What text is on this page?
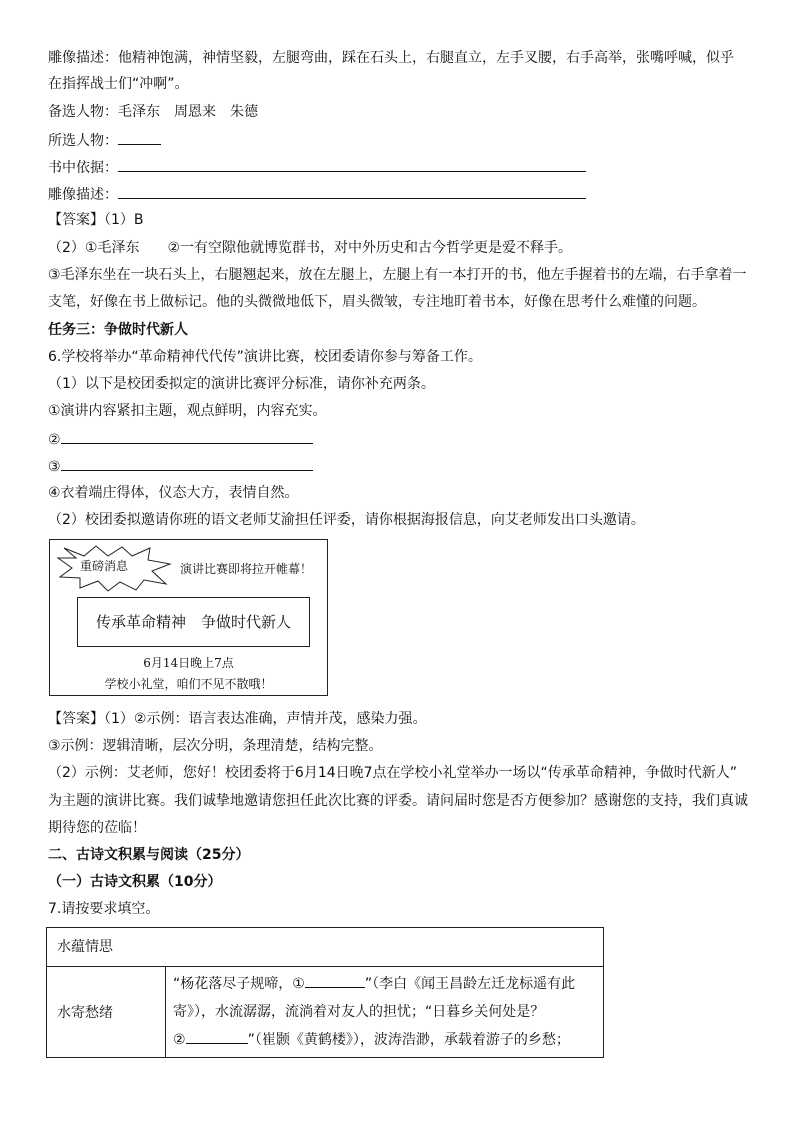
雕像描述：他精神饱满，神情坚毅，左腿弯曲，踩在石头上，右腿直立，左手叉腰，右手高举，张嘴呼喊，似乎
在指挥战士们“冲啊”。
备选人物：毛泽东　周恩来　朱德
所选人物：
书中依据：
雕像描述：
【答案】（1）B
（2）①毛泽东　　②一有空隙他就博览群书，对中外历史和古今哲学更是爱不释手。
③毛泽东坐在一块石头上，右腿翘起来，放在左腿上，左腿上有一本打开的书，他左手握着书的左端，右手拿着一
支笔，好像在书上做标记。他的头微微地低下，眉头微皱，专注地盯着书本，好像在思考什么难懂的问题。
任务三：争做时代新人
6.学校将举办“革命精神代代传”演讲比赛，校团委请你参与筹备工作。
（1）以下是校团委拟定的演讲比赛评分标准，请你补充两条。
①演讲内容紧扣主题，观点鲜明，内容充实。
②
③
④衣着端庄得体，仪态大方，表情自然。
（2）校团委拟邀请你班的语文老师艾渝担任评委，请你根据海报信息，向艾老师发出口头邀请。
重磅消息	演讲比赛即将拉开帷幕！
传承革命精神　争做时代新人
6月14日晚上7点
学校小礼堂，咱们不见不散哦！
【答案】（1）②示例：语言表达准确，声情并茂，感染力强。
③示例：逻辑清晰，层次分明，条理清楚，结构完整。
（2）示例：艾老师，您好！校团委将于6月14日晚7点在学校小礼堂举办一场以“传承革命精神，争做时代新人”
为主题的演讲比赛。我们诚挚地邀请您担任此次比赛的评委。请问届时您是否方便参加？感谢您的支持，我们真诚
期待您的莅临！
二、古诗文积累与阅读（25分）
（一）古诗文积累（10分）
7.请按要求填空。
水蕴情思
水寄愁绪
“杨花落尽子规啼，①	”（李白《闻王昌龄左迁龙标遥有此
寄》），水流潺潺，流淌着对友人的担忧；“日暮乡关何处是？
②	”（崔颢《黄鹤楼》），波涛浩渺，承载着游子的乡愁；
